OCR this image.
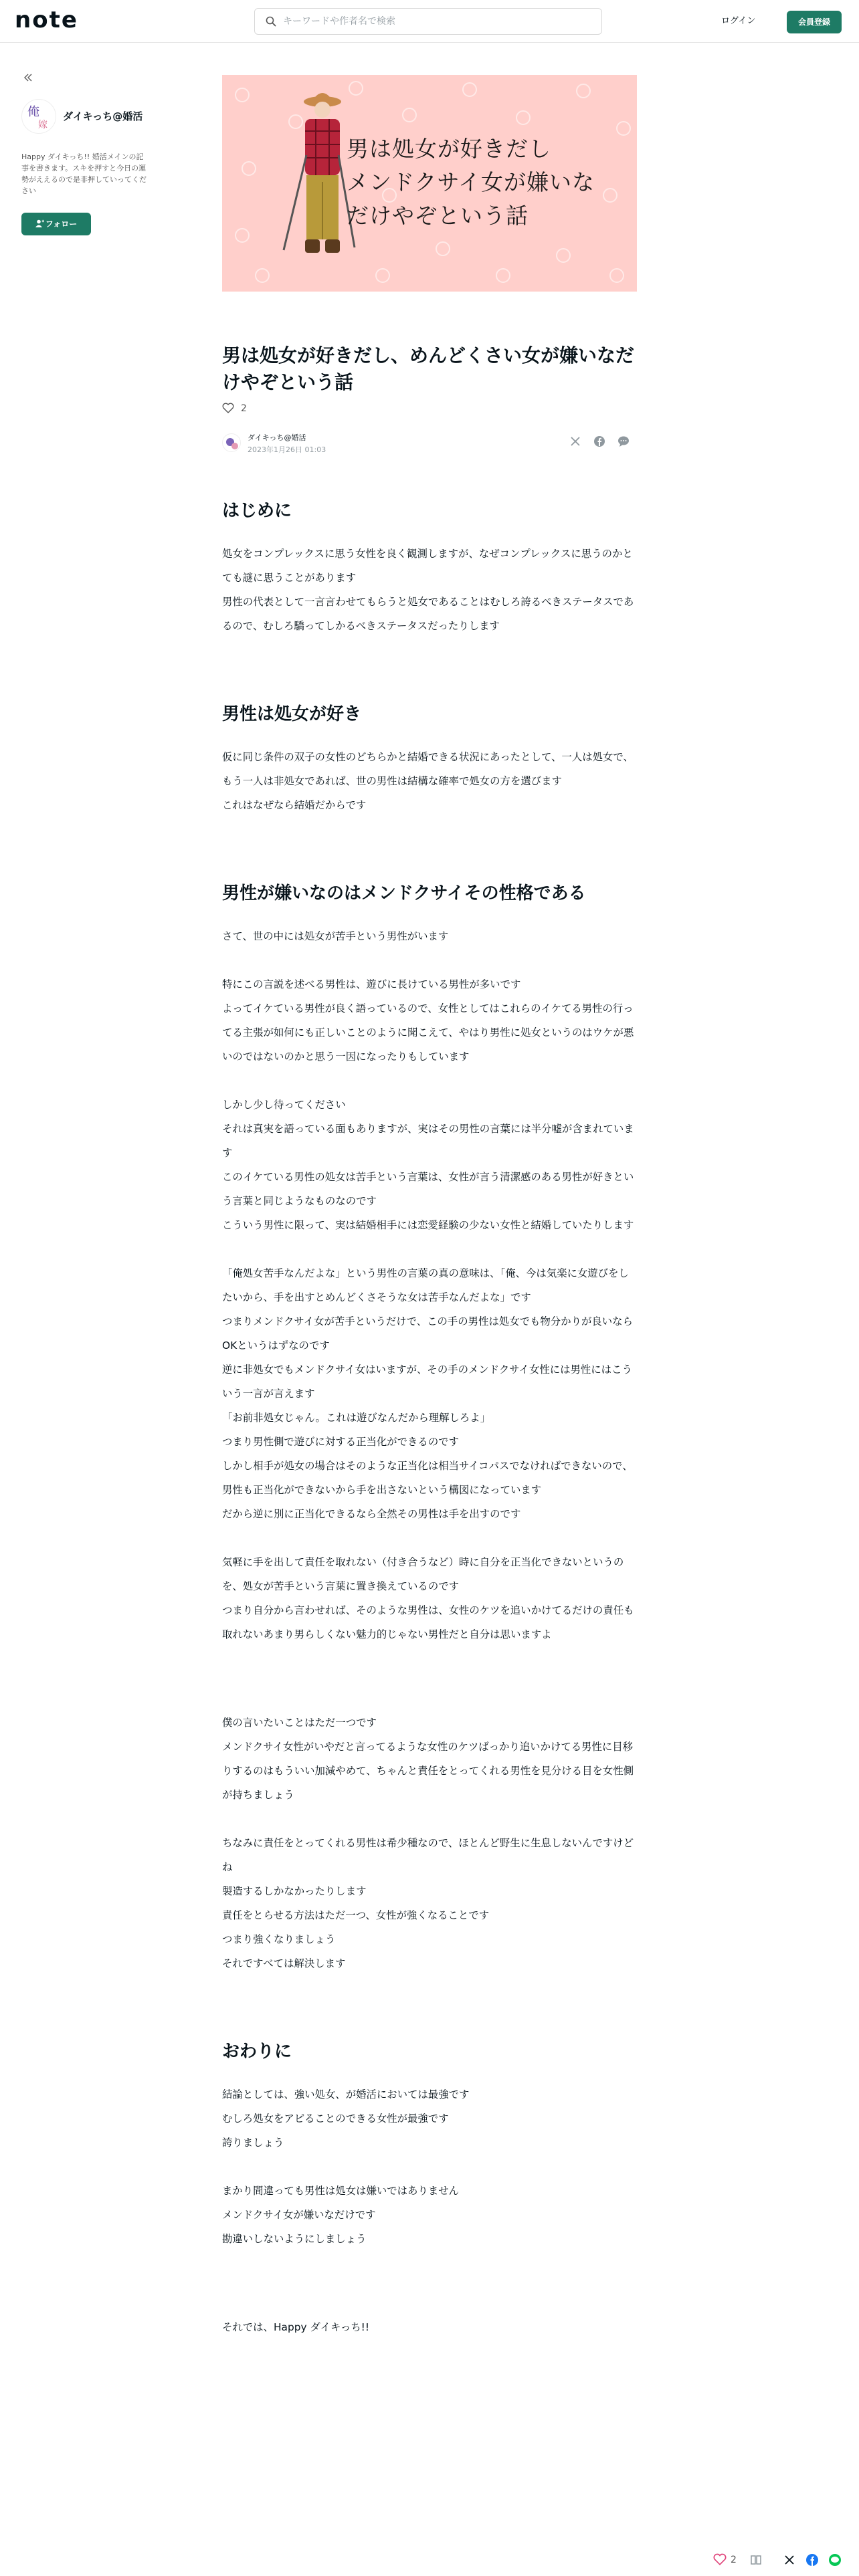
note
キーワードや作者名で検索	ログイン	会員登録
俺
嫁
ダイキっち@婚活
Happy ダイキっち!! 婚活メインの記事を書きます。スキを押すと今日の運勢がええるので是非押していってください
フォロー
男は処女が好きだし
メンドクサイ女が嫌いな
だけやぞという話
男は処女が好きだし、めんどくさい女が嫌いなだけやぞという話
2
ダイキっち@婚活
2023年1月26日 01:03
はじめに

処女をコンプレックスに思う女性を良く観測しますが、なぜコンプレックスに思うのかとても謎に思うことがあります

男性の代表として一言言わせてもらうと処女であることはむしろ誇るべきステータスであるので、むしろ驕ってしかるべきステータスだったりします

男性は処女が好き

仮に同じ条件の双子の女性のどちらかと結婚できる状況にあったとして、一人は処女で、もう一人は非処女であれば、世の男性は結構な確率で処女の方を選びます

これはなぜなら結婚だからです

男性が嫌いなのはメンドクサイその性格である

さて、世の中には処女が苦手という男性がいます

特にこの言説を述べる男性は、遊びに長けている男性が多いです

よってイケている男性が良く語っているので、女性としてはこれらのイケてる男性の行ってる主張が如何にも正しいことのように聞こえて、やはり男性に処女というのはウケが悪いのではないのかと思う一因になったりもしています

しかし少し待ってください

それは真実を語っている面もありますが、実はその男性の言葉には半分嘘が含まれています

このイケている男性の処女は苦手という言葉は、女性が言う清潔感のある男性が好きという言葉と同じようなものなのです

こういう男性に限って、実は結婚相手には恋愛経験の少ない女性と結婚していたりします

「俺処女苦手なんだよな」という男性の言葉の真の意味は、「俺、今は気楽に女遊びをしたいから、手を出すとめんどくさそうな女は苦手なんだよな」です

つまりメンドクサイ女が苦手というだけで、この手の男性は処女でも物分かりが良いならOKというはずなのです

逆に非処女でもメンドクサイ女はいますが、その手のメンドクサイ女性には男性にはこういう一言が言えます

「お前非処女じゃん。これは遊びなんだから理解しろよ」

つまり男性側で遊びに対する正当化ができるのです

しかし相手が処女の場合はそのような正当化は相当サイコパスでなければできないので、男性も正当化ができないから手を出さないという構図になっています

だから逆に別に正当化できるなら全然その男性は手を出すのです

気軽に手を出して責任を取れない（付き合うなど）時に自分を正当化できないというのを、処女が苦手という言葉に置き換えているのです

つまり自分から言わせれば、そのような男性は、女性のケツを追いかけてるだけの責任も取れないあまり男らしくない魅力的じゃない男性だと自分は思いますよ

僕の言いたいことはただ一つです

メンドクサイ女性がいやだと言ってるような女性のケツばっかり追いかけてる男性に目移りするのはもういい加減やめて、ちゃんと責任をとってくれる男性を見分ける目を女性側が持ちましょう

ちなみに責任をとってくれる男性は希少種なので、ほとんど野生に生息しないんですけどね

製造するしかなかったりします

責任をとらせる方法はただ一つ、女性が強くなることです

つまり強くなりましょう

それですべては解決します

おわりに

結論としては、強い処女、が婚活においては最強です

むしろ処女をアピることのできる女性が最強です

誇りましょう

まかり間違っても男性は処女は嫌いではありません

メンドクサイ女が嫌いなだけです

勘違いしないようにしましょう

それでは、Happy ダイキっち!!

2
